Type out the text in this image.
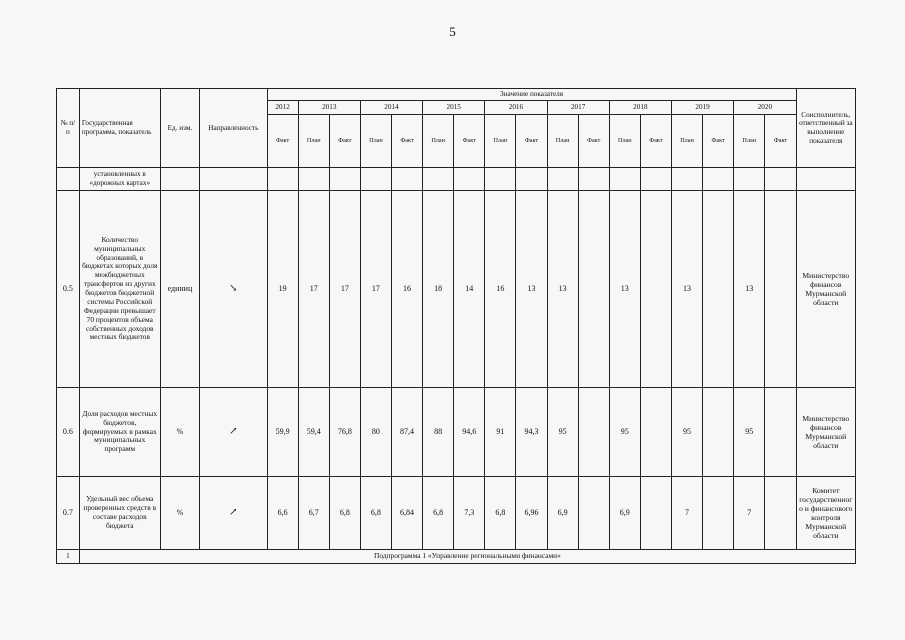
5
№ п/п	Государственная программа, показатель	Ед. изм.	Направленность	Значение показателя																	Соисполнитель, ответственный за выполнение показателя
				2012	2013		2014		2015		2016		2017		2018		2019		2020		
				Факт	План	Факт	План	Факт	План	Факт	План	Факт	План	Факт	План	Факт	План	Факт	План	Факт	
	установленных в «дорожных картах»																				
0.5	Количество муниципальных образований, в бюджетах которых доля межбюджетных трансфертов из других бюджетов бюджетной системы Российской Федерации превышает 70 процентов объема собственных доходов местных бюджетов	единиц	↘	19	17	17	17	16	18	14	16	13	13		13		13		13		Министерство финансов Мурманской области
0.6	Доля расходов местных бюджетов, формируемых в рамках муниципальных программ	%	↗	59,9	59,4	76,8	80	87,4	88	94,6	91	94,3	95		95		95		95		Министерство финансов Мурманской области
0.7	Удельный вес объема проверенных средств в составе расходов бюджета	%	↗	6,6	6,7	6,8	6,8	6,84	6,8	7,3	6,8	6,96	6,9		6,9		7		7		Комитет государственного и финансового контроля Мурманской области
1	Подпрограмма 1 «Управление региональными финансами»																				
